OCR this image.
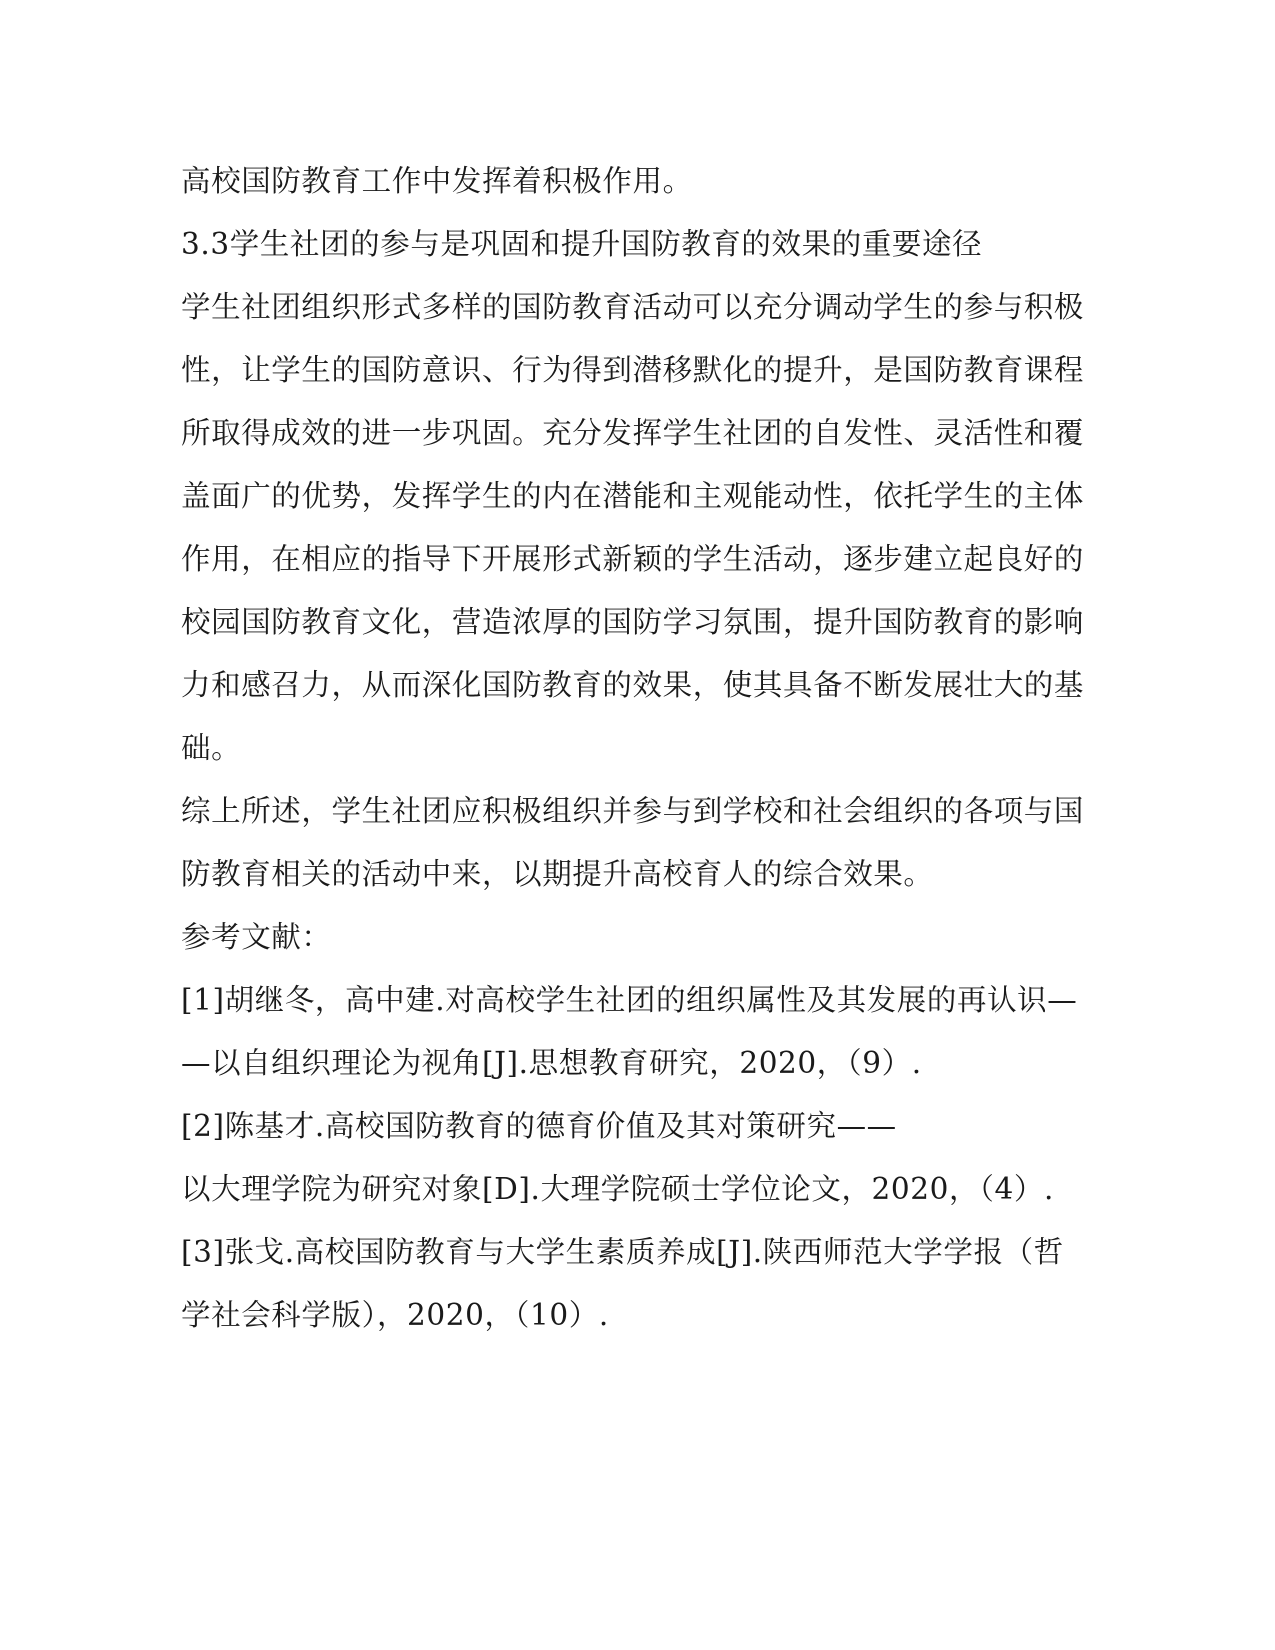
高校国防教育工作中发挥着积极作用。
3.3学生社团的参与是巩固和提升国防教育的效果的重要途径
学生社团组织形式多样的国防教育活动可以充分调动学生的参与积极
性，让学生的国防意识、行为得到潜移默化的提升，是国防教育课程
所取得成效的进一步巩固。充分发挥学生社团的自发性、灵活性和覆
盖面广的优势，发挥学生的内在潜能和主观能动性，依托学生的主体
作用，在相应的指导下开展形式新颖的学生活动，逐步建立起良好的
校园国防教育文化，营造浓厚的国防学习氛围，提升国防教育的影响
力和感召力，从而深化国防教育的效果，使其具备不断发展壮大的基
础。
综上所述，学生社团应积极组织并参与到学校和社会组织的各项与国
防教育相关的活动中来，以期提升高校育人的综合效果。
参考文献：
[1]胡继冬，高中建.对高校学生社团的组织属性及其发展的再认识—
—以自组织理论为视角[J].思想教育研究，2020，（9）.
[2]陈基才.高校国防教育的德育价值及其对策研究——
以大理学院为研究对象[D].大理学院硕士学位论文，2020，（4）.
[3]张戈.高校国防教育与大学生素质养成[J].陕西师范大学学报（哲
学社会科学版），2020，（10）.
